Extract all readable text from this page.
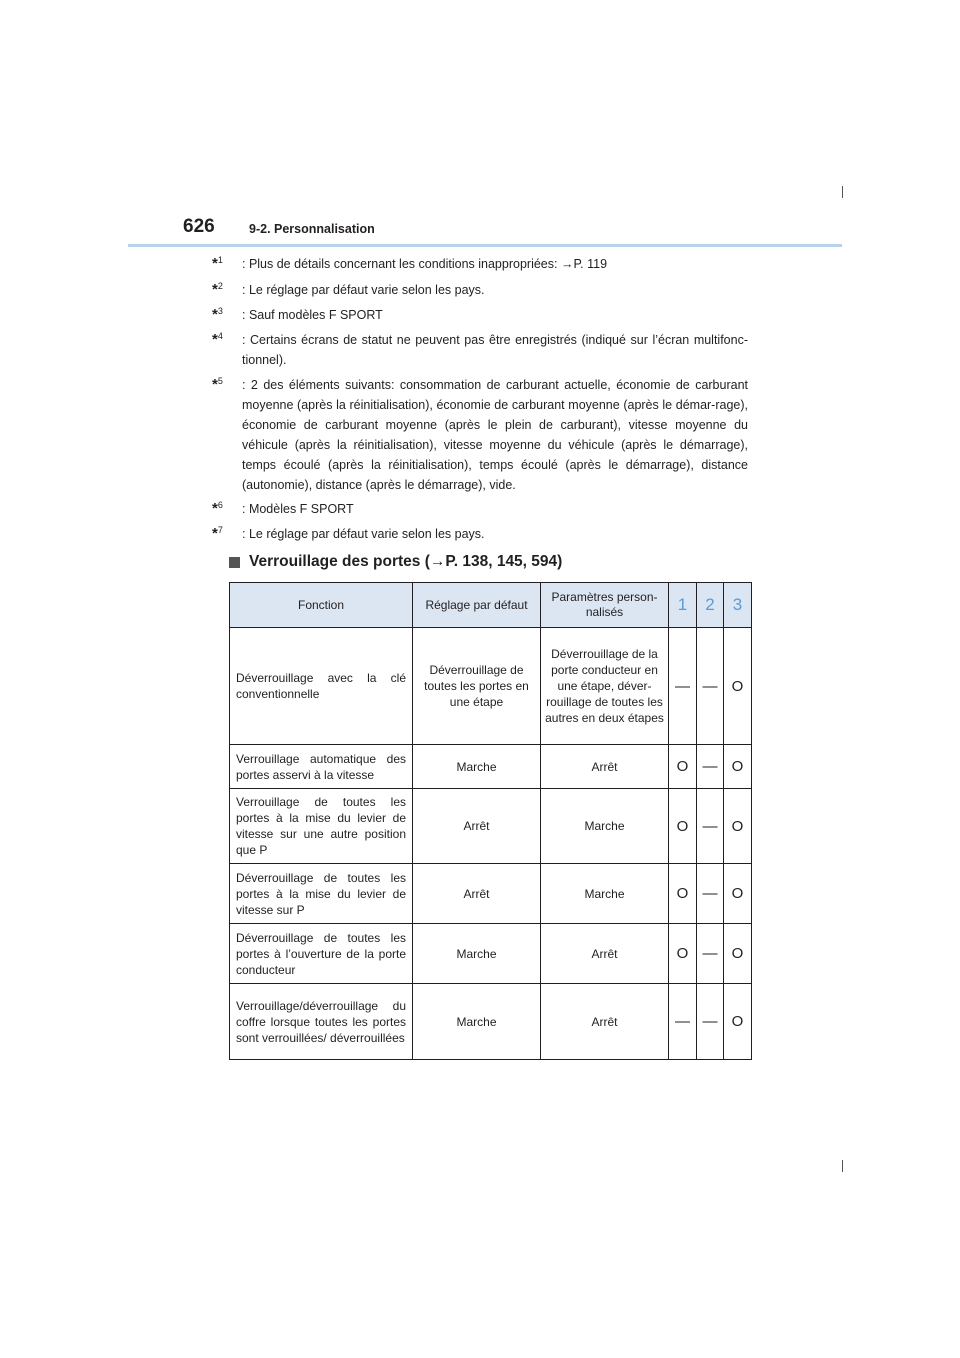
626	9-2. Personnalisation
*$^1$	: Plus de détails concernant les conditions inappropriées: →P. 119
*$^2$	: Le réglage par défaut varie selon les pays.
*$^3$	: Sauf modèles F SPORT
*$^4$	: Certains écrans de statut ne peuvent pas être enregistrés (indiqué sur l’écran multifonc-tionnel).
*$^5$	: 2 des éléments suivants: consommation de carburant actuelle, économie de carburant moyenne (après la réinitialisation), économie de carburant moyenne (après le démar-rage), économie de carburant moyenne (après le plein de carburant), vitesse moyenne du véhicule (après la réinitialisation), vitesse moyenne du véhicule (après le démarrage), temps écoulé (après la réinitialisation), temps écoulé (après le démarrage), distance (autonomie), distance (après le démarrage), vide.
*$^6$	: Modèles F SPORT
*$^7$	: Le réglage par défaut varie selon les pays.
Verrouillage des portes (→P. 138, 145, 594)
Fonction	Réglage par défaut	Paramètres person-nalisés	1	2	3
Déverrouillage avec la clé conventionnelle	Déverrouillage de toutes les portes en une étape	Déverrouillage de la porte conducteur en une étape, déver-rouillage de toutes les autres en deux étapes	—	—	O
Verrouillage automatique des portes asservi à la vitesse	Marche	Arrêt	O	—	O
Verrouillage de toutes les portes à la mise du levier de vitesse sur une autre position que P	Arrêt	Marche	O	—	O
Déverrouillage de toutes les portes à la mise du levier de vitesse sur P	Arrêt	Marche	O	—	O
Déverrouillage de toutes les portes à l’ouverture de la porte conducteur	Marche	Arrêt	O	—	O
Verrouillage/déverrouillage du coffre lorsque toutes les portes sont verrouillées/ déverrouillées	Marche	Arrêt	—	—	O
